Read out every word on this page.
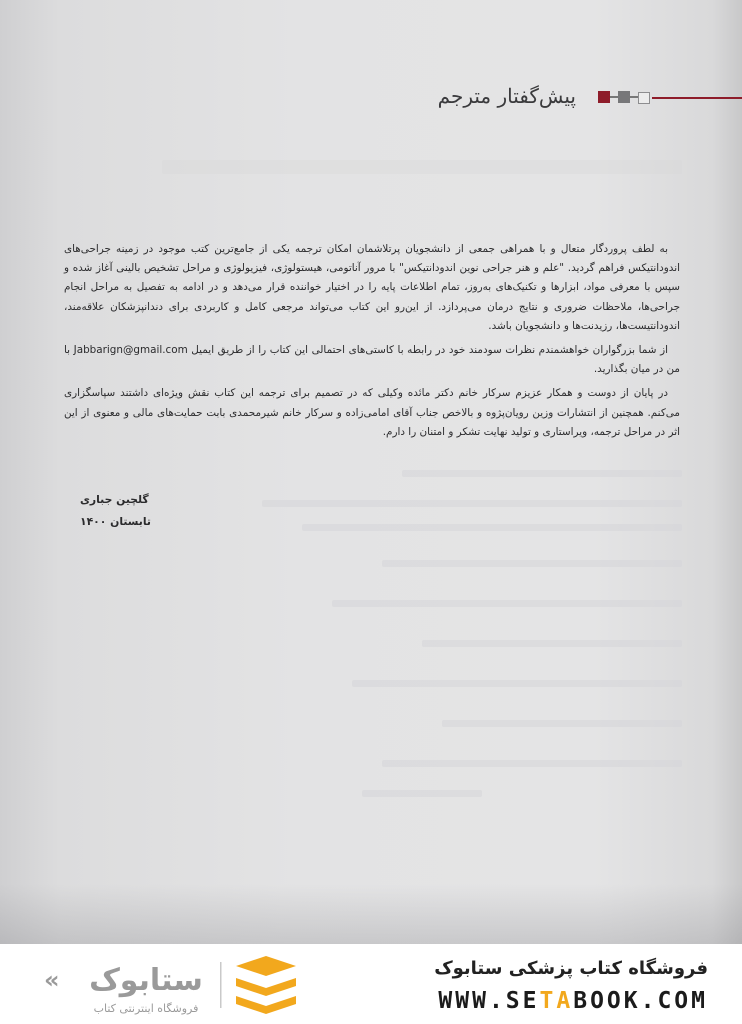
پیش‌گفتار مترجم

به لطف پروردگار متعال و با همراهی جمعی از دانشجویان پرتلاشمان امکان ترجمه یکی از جامع‌ترین کتب موجود در زمینه جراحی‌های اندودانتیکس فراهم گردید. "علم و هنر جراحی نوین اندودانتیکس" با مرور آناتومی، هیستولوژی، فیزیولوژی و مراحل تشخیص بالینی آغاز شده و سپس با معرفی مواد، ابزارها و تکنیک‌های به‌روز، تمام اطلاعات پایه را در اختیار خواننده قرار می‌دهد و در ادامه به تفصیل به مراحل انجام جراحی‌ها، ملاحظات ضروری و نتایج درمان می‌پردازد. از این‌رو این کتاب می‌تواند مرجعی کامل و کاربردی برای دندانپزشکان علاقه‌مند، اندودانتیست‌ها، رزیدنت‌ها و دانشجویان باشد.

از شما بزرگواران خواهشمندم نظرات سودمند خود در رابطه با کاستی‌های احتمالی این کتاب را از طریق ایمیل Jabbarign@gmail.com با من در میان بگذارید.

در پایان از دوست و همکار عزیزم سرکار خانم دکتر مائده وکیلی که در تصمیم برای ترجمه این کتاب نقش ویژه‌ای داشتند سپاسگزاری می‌کنم. همچنین از انتشارات وزین رویان‌پژوه و بالاخص جناب آقای امامی‌زاده و سرکار خانم شیرمحمدی بابت حمایت‌های مالی و معنوی از این اثر در مراحل ترجمه، ویراستاری و تولید نهایت تشکر و امتنان را دارم.

گلچین جباری
تابستان ۱۴۰۰
ستابوک
فروشگاه اینترنتی کتاب
«	فروشگاه کتاب پزشکی ستابوک
WWW.SETABOOK.COM
